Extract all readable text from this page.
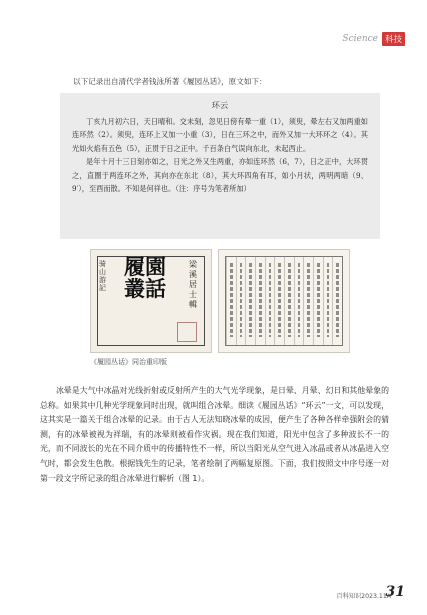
Science 科技
以下记录出自清代学者钱泳所著《履园丛话》，原文如下：
环云

丁亥九月初六日，天日晴和。交未刻，忽见日傍有晕一重（1），须臾，晕左右又加两重如连环然（2）。须臾，连环上又加一小重（3），日在三环之中，而外又加一大环环之（4）。其光如火焰有五色（5），正贯于日之正中。千百条白气误向东北，未起西止。

是年十月十三日刻亦如之，日光之外又生两重，亦如连环然（6，7），日之正中，大环贯之，直圈于两连环之外，其向亦在东北（8），其大环四角有耳，如小月状，两明两暗（9、9′），至酉而散。不知是何祥也。（注：序号为笔者所加）

骑山游記
履園叢話
梁溪居士輯
《履园丛话》同治重印版

冰晕是大气中冰晶对光线折射或反射所产生的大气光学现象，是日晕、月晕、幻日和其他晕象的总称。如果其中几种光学现象同时出现，就叫组合冰晕。细读《履园丛话》“环云”一文，可以发现，这其实是一篇关于组合冰晕的记录。由于古人无法知晓冰晕的成因，便产生了各种各样牵强附会的猜测，有的冰晕被视为祥瑞，有的冰晕则被看作灾祸。现在我们知道，阳光中包含了多种波长不一的光，而不同波长的光在不同介质中的传播特性不一样，所以当阳光从空气进入冰晶或者从冰晶进入空气时，都会发生色散。根据钱先生的记录，笔者绘制了两幅复原图。下面，我们按照文中序号逐一对第一段文字所记录的组合冰晕进行解析（图 1）。

百科知识2023.11A
31
